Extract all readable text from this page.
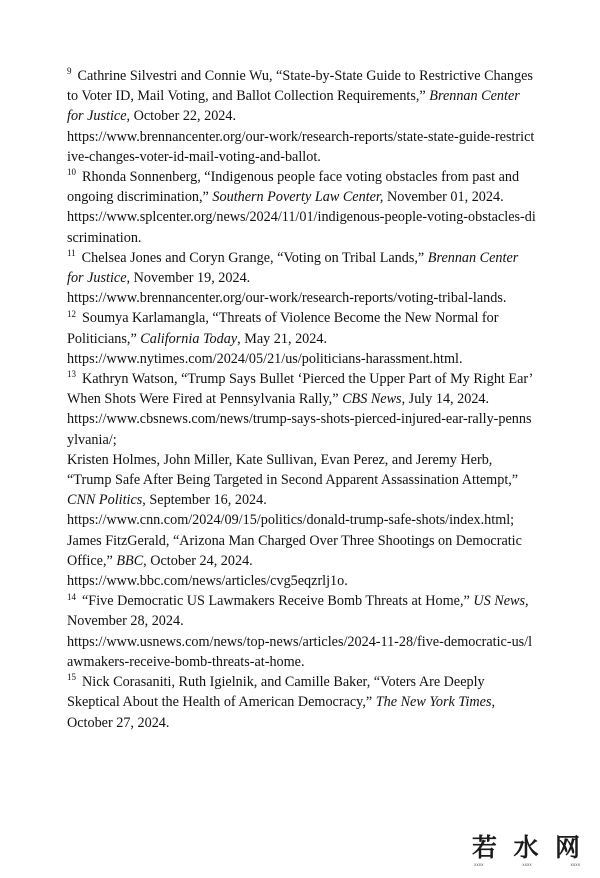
$^9$ Cathrine Silvestri and Connie Wu, “State-by-State Guide to Restrictive Changes to Voter ID, Mail Voting, and Ballot Collection Requirements,” Brennan Center for Justice, October 22, 2024.

https://www.brennancenter.org/our-work/research-reports/state-state-guide-restrictive-changes-voter-id-mail-voting-and-ballot.

$^{10}$ Rhonda Sonnenberg, “Indigenous people face voting obstacles from past and ongoing discrimination,” Southern Poverty Law Center, November 01, 2024.

https://www.splcenter.org/news/2024/11/01/indigenous-people-voting-obstacles-discrimination.

$^{11}$ Chelsea Jones and Coryn Grange, “Voting on Tribal Lands,” Brennan Center for Justice, November 19, 2024.

https://www.brennancenter.org/our-work/research-reports/voting-tribal-lands.

$^{12}$ Soumya Karlamangla, “Threats of Violence Become the New Normal for Politicians,” California Today, May 21, 2024.

https://www.nytimes.com/2024/05/21/us/politicians-harassment.html.

$^{13}$ Kathryn Watson, “Trump Says Bullet ‘Pierced the Upper Part of My Right Ear’ When Shots Were Fired at Pennsylvania Rally,” CBS News, July 14, 2024.

https://www.cbsnews.com/news/trump-says-shots-pierced-injured-ear-rally-pennsylvania/;

Kristen Holmes, John Miller, Kate Sullivan, Evan Perez, and Jeremy Herb, “Trump Safe After Being Targeted in Second Apparent Assassination Attempt,” CNN Politics, September 16, 2024.

https://www.cnn.com/2024/09/15/politics/donald-trump-safe-shots/index.html;

James FitzGerald, “Arizona Man Charged Over Three Shootings on Democratic Office,” BBC, October 24, 2024.

https://www.bbc.com/news/articles/cvg5eqzrlj1o.

$^{14}$ “Five Democratic US Lawmakers Receive Bomb Threats at Home,” US News, November 28, 2024.

https://www.usnews.com/news/top-news/articles/2024-11-28/five-democratic-us/lawmakers-receive-bomb-threats-at-home.

$^{15}$ Nick Corasaniti, Ruth Igielnik, and Camille Baker, “Voters Are Deeply Skeptical About the Health of American Democracy,” The New York Times, October 27, 2024.

若 水 网
xxxx	xxxx	xxxx
